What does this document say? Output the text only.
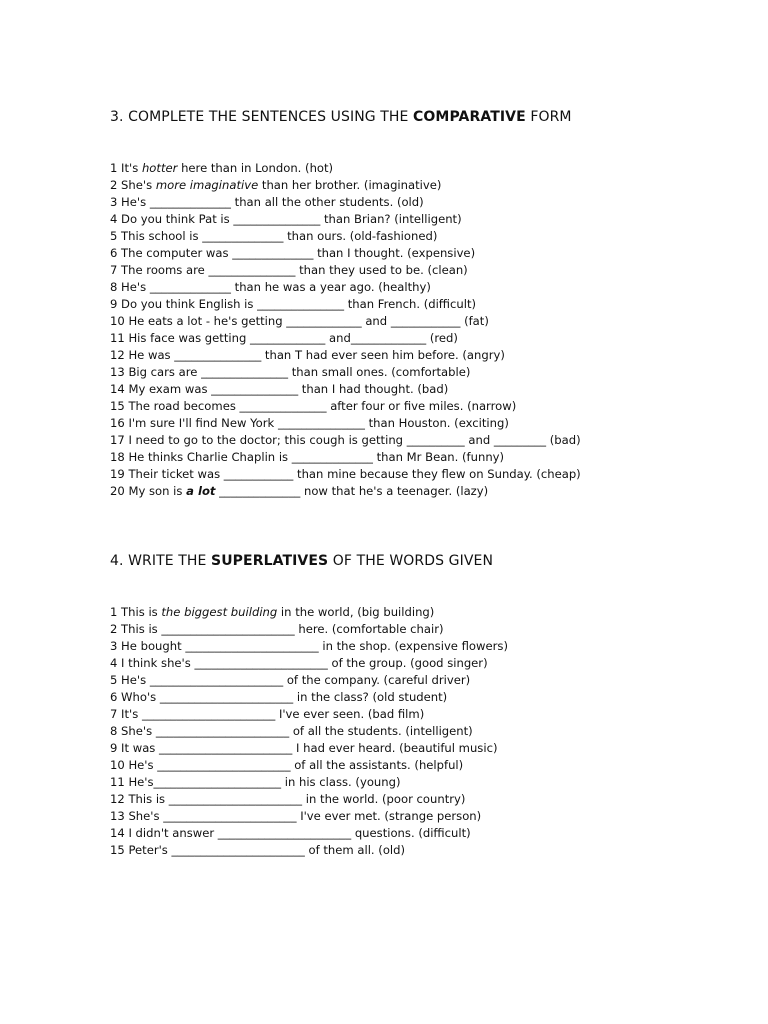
3. COMPLETE THE SENTENCES USING THE COMPARATIVE FORM
1 It's hotter here than in London. (hot)
2 She's more imaginative than her brother. (imaginative)
3 He's ______________ than all the other students. (old)
4 Do you think Pat is _______________ than Brian? (intelligent)
5 This school is ______________ than ours. (old-fashioned)
6 The computer was ______________ than I thought. (expensive)
7 The rooms are _______________ than they used to be. (clean)
8 He's ______________ than he was a year ago. (healthy)
9 Do you think English is _______________ than French. (difficult)
10 He eats a lot - he's getting _____________ and ____________ (fat)
11 His face was getting _____________ and_____________ (red)
12 He was _______________ than T had ever seen him before. (angry)
13 Big cars are _______________ than small ones. (comfortable)
14 My exam was _______________ than I had thought. (bad)
15 The road becomes _______________ after four or five miles. (narrow)
16 I'm sure I'll find New York _______________ than Houston. (exciting)
17 I need to go to the doctor; this cough is getting __________ and _________ (bad)
18 He thinks Charlie Chaplin is ______________ than Mr Bean. (funny)
19 Their ticket was ____________ than mine because they flew on Sunday. (cheap)
20 My son is a lot ______________ now that he's a teenager. (lazy)
4. WRITE THE SUPERLATIVES OF THE WORDS GIVEN
1 This is the biggest building in the world, (big building)
2 This is _______________________ here. (comfortable chair)
3 He bought _______________________ in the shop. (expensive flowers)
4 I think she's _______________________ of the group. (good singer)
5 He's _______________________ of the company. (careful driver)
6 Who's _______________________ in the class? (old student)
7 It's _______________________ I've ever seen. (bad film)
8 She's _______________________ of all the students. (intelligent)
9 It was _______________________ I had ever heard. (beautiful music)
10 He's _______________________ of all the assistants. (helpful)
11 He's______________________ in his class. (young)
12 This is _______________________ in the world. (poor country)
13 She's _______________________ I've ever met. (strange person)
14 I didn't answer _______________________ questions. (difficult)
15 Peter's _______________________ of them all. (old)
